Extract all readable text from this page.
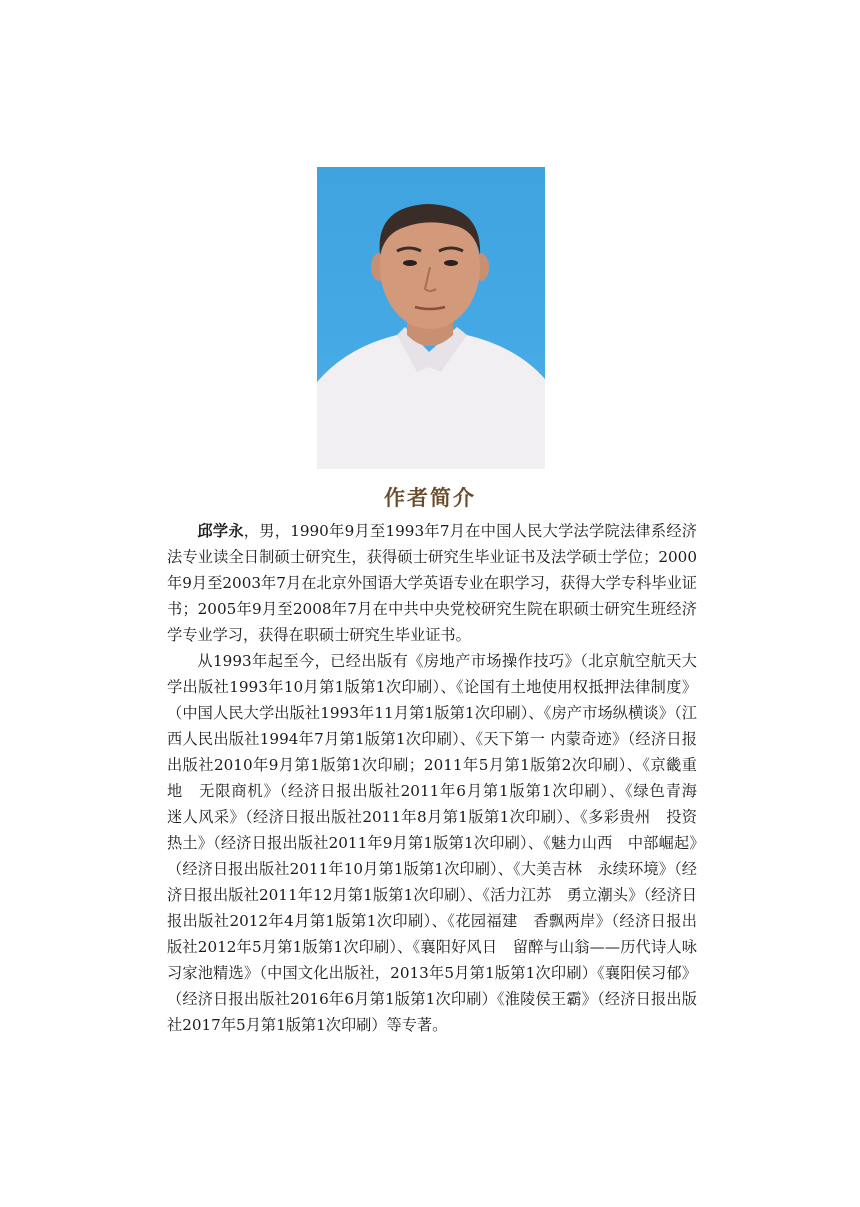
作者简介

邱学永，男，1990年9月至1993年7月在中国人民大学法学院法律系经济法专业读全日制硕士研究生，获得硕士研究生毕业证书及法学硕士学位；2000年9月至2003年7月在北京外国语大学英语专业在职学习，获得大学专科毕业证书；2005年9月至2008年7月在中共中央党校研究生院在职硕士研究生班经济学专业学习，获得在职硕士研究生毕业证书。

从1993年起至今，已经出版有《房地产市场操作技巧》（北京航空航天大学出版社1993年10月第1版第1次印刷）、《论国有土地使用权抵押法律制度》（中国人民大学出版社1993年11月第1版第1次印刷）、《房产市场纵横谈》（江西人民出版社1994年7月第1版第1次印刷）、《天下第一 内蒙奇迹》（经济日报出版社2010年9月第1版第1次印刷；2011年5月第1版第2次印刷）、《京畿重地　无限商机》（经济日报出版社2011年6月第1版第1次印刷）、《绿色青海　迷人风采》（经济日报出版社2011年8月第1版第1次印刷）、《多彩贵州　投资热土》（经济日报出版社2011年9月第1版第1次印刷）、《魅力山西　中部崛起》（经济日报出版社2011年10月第1版第1次印刷）、《大美吉林　永续环境》（经济日报出版社2011年12月第1版第1次印刷）、《活力江苏　勇立潮头》（经济日报出版社2012年4月第1版第1次印刷）、《花园福建　香飘两岸》（经济日报出版社2012年5月第1版第1次印刷）、《襄阳好风日　留醉与山翁——历代诗人咏习家池精选》（中国文化出版社，2013年5月第1版第1次印刷）《襄阳侯习郁》（经济日报出版社2016年6月第1版第1次印刷）《淮陵侯王霸》（经济日报出版社2017年5月第1版第1次印刷）等专著。
